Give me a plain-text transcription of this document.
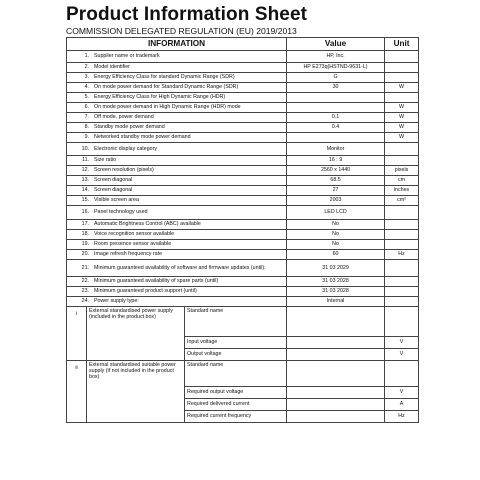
Product Information Sheet
COMMISSION DELEGATED REGULATION (EU) 2019/2013
INFORMATION			Value	Unit
1. Supplier name or trademark			HP, Inc.	
2. Model identifier			HP E273q(HSTND-9631-L)	
3. Energy Efficiency Class for standard Dynamic Range (SDR)			G	
4. On mode power demand for Standard Dynamic Range (SDR)			30	W
5. Energy Efficiency Class for High Dynamic Range (HDR)				
6. On mode power demand in High Dynamic Range (HDR) mode				W
7. Off mode, power demand			0.1	W
8. Standby mode power demand			0.4	W
9. Networked standby mode power demand				W
10. Electronic display category			Monitor	
11. Size ratio			16 : 9	
12. Screen resolution (pixels)			2560 x 1440	pixels
13. Screen diagonal			68.5	cm
14. Screen diagonal			27	inches
15. Visible screen area			2003	cm²
16. Panel technology used			LED LCD	
17. Automatic Brightness Control (ABC) available			No	
18. Voice recognition sensor available			No	
19. Room presence sensor available			No	
20. Image refresh frequency rate			60	Hz
21. Minimum guaranteed availability of software and firmware updates (until):			31 03 2029	
22. Minimum guaranteed availability of spare parts (until)			31 03 2028	
23. Minimum guaranteed product support (until)			31 03 2028	
24. Power supply type:			Internal	
i	External standardised power supply (included in the product box)	Standard name		
		Input voltage		V
		Output voltage		V
ii	External standardised suitable power supply (if not included in the product box)	Standard name		
		Required output voltage		V
		Required delivered current		A
		Required current frequency		Hz
